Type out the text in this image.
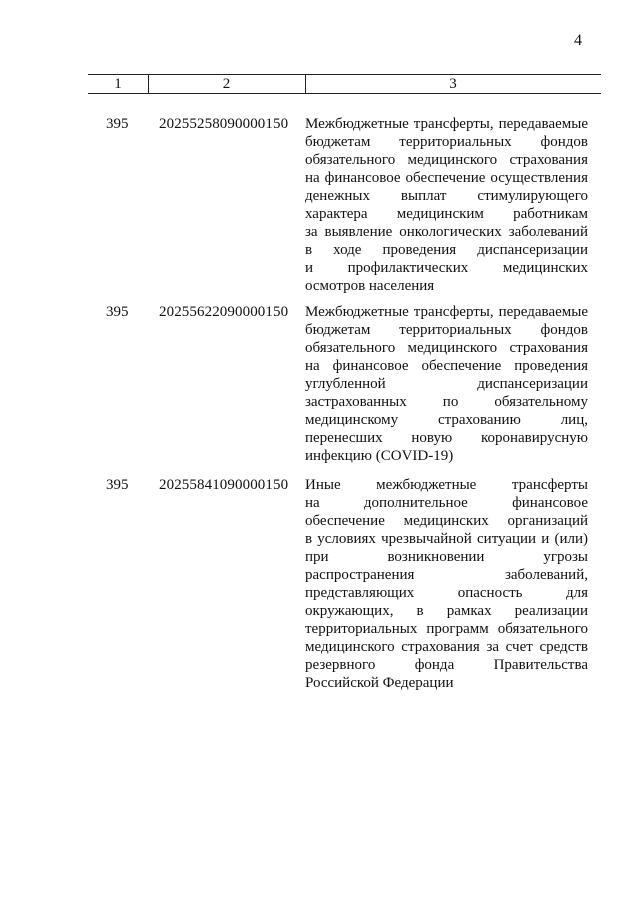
4
1	2	3
395 20255258090000150 Межбюджетные трансферты, передаваемые
бюджетам территориальных фондов
обязательного медицинского страхования
на финансовое обеспечение осуществления
денежных выплат стимулирующего
характера медицинским работникам
за выявление онкологических заболеваний
в ходе проведения диспансеризации
и профилактических медицинских
осмотров населения
395 20255622090000150 Межбюджетные трансферты, передаваемые
бюджетам территориальных фондов
обязательного медицинского страхования
на финансовое обеспечение проведения
углубленной диспансеризации
застрахованных по обязательному
медицинскому страхованию лиц,
перенесших новую коронавирусную
инфекцию (COVID-19)
395 20255841090000150 Иные межбюджетные трансферты
на дополнительное финансовое
обеспечение медицинских организаций
в условиях чрезвычайной ситуации и (или)
при возникновении угрозы
распространения заболеваний,
представляющих опасность для
окружающих, в рамках реализации
территориальных программ обязательного
медицинского страхования за счет средств
резервного фонда Правительства
Российской Федерации
